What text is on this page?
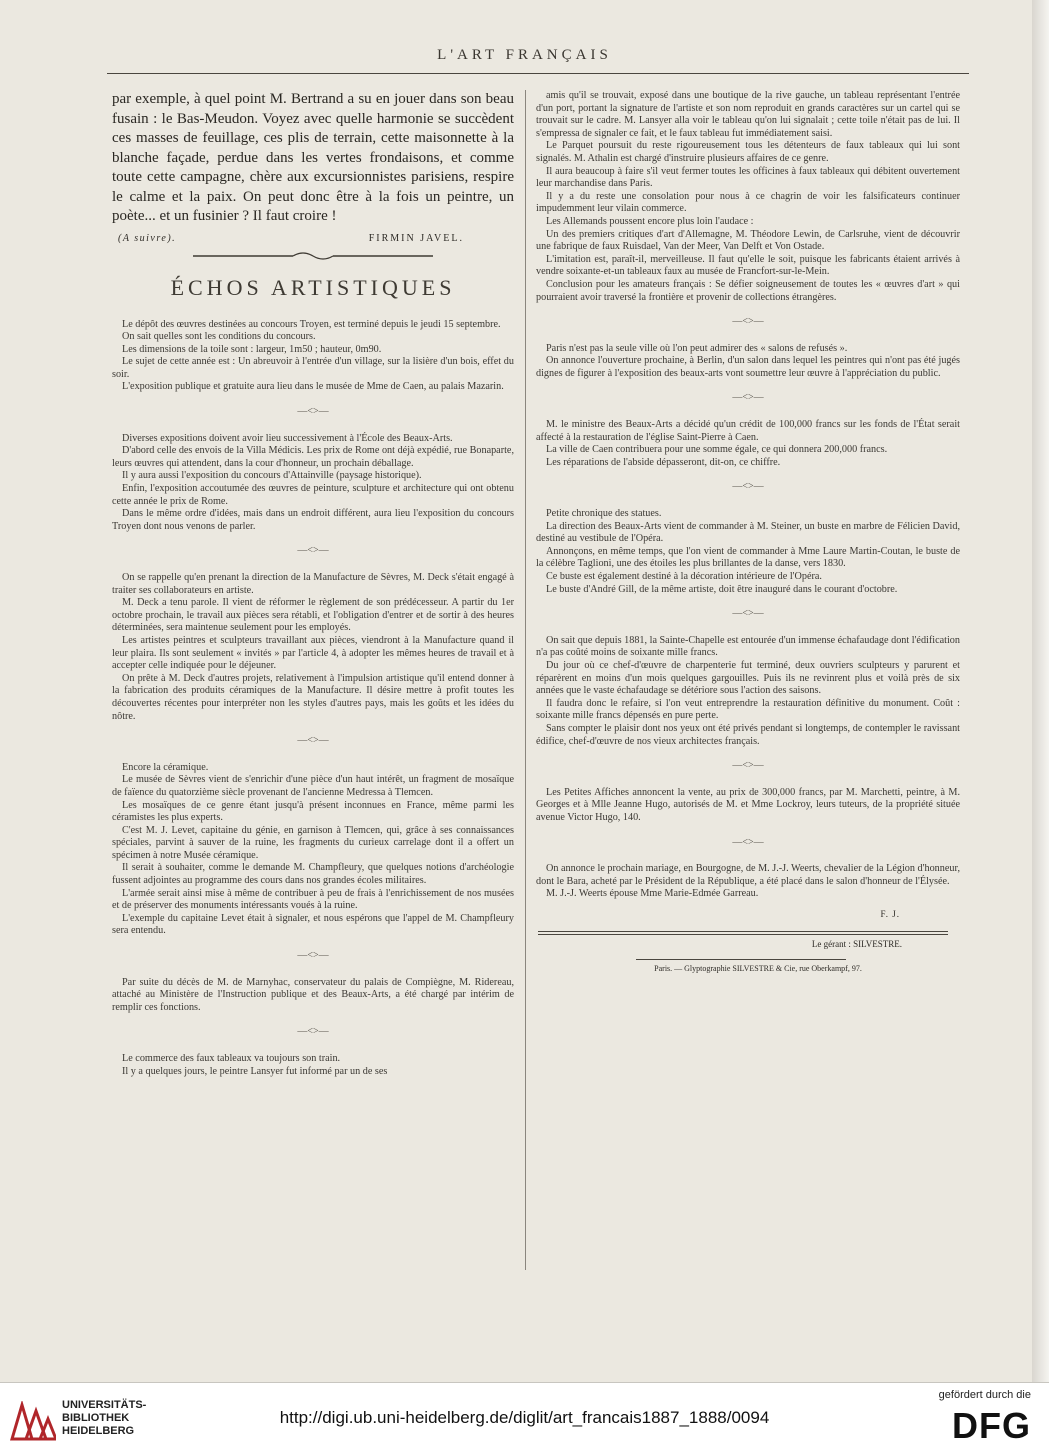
L'ART FRANÇAIS

par exemple, à quel point M. Bertrand a su en jouer dans son beau fusain : le Bas-Meudon. Voyez avec quelle harmonie se succèdent ces masses de feuillage, ces plis de terrain, cette maisonnette à la blanche façade, perdue dans les vertes frondaisons, et comme toute cette campagne, chère aux excursionnistes parisiens, respire le calme et la paix. On peut donc être à la fois un peintre, un poète... et un fusinier ? Il faut croire !

(A suivre).	FIRMIN JAVEL.
ÉCHOS ARTISTIQUES

Le dépôt des œuvres destinées au concours Troyen, est terminé depuis le jeudi 15 septembre.

On sait quelles sont les conditions du concours.

Les dimensions de la toile sont : largeur, 1m50 ; hauteur, 0m90.

Le sujet de cette année est : Un abreuvoir à l'entrée d'un village, sur la lisière d'un bois, effet du soir.

L'exposition publique et gratuite aura lieu dans le musée de Mme de Caen, au palais Mazarin.

—<>—

Diverses expositions doivent avoir lieu successivement à l'École des Beaux-Arts.

D'abord celle des envois de la Villa Médicis. Les prix de Rome ont déjà expédié, rue Bonaparte, leurs œuvres qui attendent, dans la cour d'honneur, un prochain déballage.

Il y aura aussi l'exposition du concours d'Attainville (paysage historique).

Enfin, l'exposition accoutumée des œuvres de peinture, sculpture et architecture qui ont obtenu cette année le prix de Rome.

Dans le même ordre d'idées, mais dans un endroit différent, aura lieu l'exposition du concours Troyen dont nous venons de parler.

—<>—

On se rappelle qu'en prenant la direction de la Manufacture de Sèvres, M. Deck s'était engagé à traiter ses collaborateurs en artiste.

M. Deck a tenu parole. Il vient de réformer le règlement de son prédécesseur. A partir du 1er octobre prochain, le travail aux pièces sera rétabli, et l'obligation d'entrer et de sortir à des heures déterminées, sera maintenue seulement pour les employés.

Les artistes peintres et sculpteurs travaillant aux pièces, viendront à la Manufacture quand il leur plaira. Ils sont seulement « invités » par l'article 4, à adopter les mêmes heures de travail et à accepter celle indiquée pour le déjeuner.

On prête à M. Deck d'autres projets, relativement à l'impulsion artistique qu'il entend donner à la fabrication des produits céramiques de la Manufacture. Il désire mettre à profit toutes les découvertes récentes pour interpréter non les styles d'autres pays, mais les goûts et les idées du nôtre.

—<>—

Encore la céramique.

Le musée de Sèvres vient de s'enrichir d'une pièce d'un haut intérêt, un fragment de mosaïque de faïence du quatorzième siècle provenant de l'ancienne Medressa à Tlemcen.

Les mosaïques de ce genre étant jusqu'à présent inconnues en France, même parmi les céramistes les plus experts.

C'est M. J. Levet, capitaine du génie, en garnison à Tlemcen, qui, grâce à ses connaissances spéciales, parvint à sauver de la ruine, les fragments du curieux carrelage dont il a offert un spécimen à notre Musée céramique.

Il serait à souhaiter, comme le demande M. Champfleury, que quelques notions d'archéologie fussent adjointes au programme des cours dans nos grandes écoles militaires.

L'armée serait ainsi mise à même de contribuer à peu de frais à l'enrichissement de nos musées et de préserver des monuments intéressants voués à la ruine.

L'exemple du capitaine Levet était à signaler, et nous espérons que l'appel de M. Champfleury sera entendu.

—<>—

Par suite du décès de M. de Marnyhac, conservateur du palais de Compiègne, M. Ridereau, attaché au Ministère de l'Instruction publique et des Beaux-Arts, a été chargé par intérim de remplir ces fonctions.

—<>—

Le commerce des faux tableaux va toujours son train.

Il y a quelques jours, le peintre Lansyer fut informé par un de ses

amis qu'il se trouvait, exposé dans une boutique de la rive gauche, un tableau représentant l'entrée d'un port, portant la signature de l'artiste et son nom reproduit en grands caractères sur un cartel qui se trouvait sur le cadre. M. Lansyer alla voir le tableau qu'on lui signalait ; cette toile n'était pas de lui. Il s'empressa de signaler ce fait, et le faux tableau fut immédiatement saisi.

Le Parquet poursuit du reste rigoureusement tous les détenteurs de faux tableaux qui lui sont signalés. M. Athalin est chargé d'instruire plusieurs affaires de ce genre.

Il aura beaucoup à faire s'il veut fermer toutes les officines à faux tableaux qui débitent ouvertement leur marchandise dans Paris.

Il y a du reste une consolation pour nous à ce chagrin de voir les falsificateurs continuer impudemment leur vilain commerce.

Les Allemands poussent encore plus loin l'audace :

Un des premiers critiques d'art d'Allemagne, M. Théodore Lewin, de Carlsruhe, vient de découvrir une fabrique de faux Ruisdael, Van der Meer, Van Delft et Von Ostade.

L'imitation est, paraît-il, merveilleuse. Il faut qu'elle le soit, puisque les fabricants étaient arrivés à vendre soixante-et-un tableaux faux au musée de Francfort-sur-le-Mein.

Conclusion pour les amateurs français : Se défier soigneusement de toutes les « œuvres d'art » qui pourraient avoir traversé la frontière et provenir de collections étrangères.

—<>—

Paris n'est pas la seule ville où l'on peut admirer des « salons de refusés ».

On annonce l'ouverture prochaine, à Berlin, d'un salon dans lequel les peintres qui n'ont pas été jugés dignes de figurer à l'exposition des beaux-arts vont soumettre leur œuvre à l'appréciation du public.

—<>—

M. le ministre des Beaux-Arts a décidé qu'un crédit de 100,000 francs sur les fonds de l'État serait affecté à la restauration de l'église Saint-Pierre à Caen.

La ville de Caen contribuera pour une somme égale, ce qui donnera 200,000 francs.

Les réparations de l'abside dépasseront, dit-on, ce chiffre.

—<>—

Petite chronique des statues.

La direction des Beaux-Arts vient de commander à M. Steiner, un buste en marbre de Félicien David, destiné au vestibule de l'Opéra.

Annonçons, en même temps, que l'on vient de commander à Mme Laure Martin-Coutan, le buste de la célèbre Taglioni, une des étoiles les plus brillantes de la danse, vers 1830.

Ce buste est également destiné à la décoration intérieure de l'Opéra.

Le buste d'André Gill, de la même artiste, doit être inauguré dans le courant d'octobre.

—<>—

On sait que depuis 1881, la Sainte-Chapelle est entourée d'un immense échafaudage dont l'édification n'a pas coûté moins de soixante mille francs.

Du jour où ce chef-d'œuvre de charpenterie fut terminé, deux ouvriers sculpteurs y parurent et réparèrent en moins d'un mois quelques gargouilles. Puis ils ne revinrent plus et voilà près de six années que le vaste échafaudage se détériore sous l'action des saisons.

Il faudra donc le refaire, si l'on veut entreprendre la restauration définitive du monument. Coût : soixante mille francs dépensés en pure perte.

Sans compter le plaisir dont nos yeux ont été privés pendant si longtemps, de contempler le ravissant édifice, chef-d'œuvre de nos vieux architectes français.

—<>—

Les Petites Affiches annoncent la vente, au prix de 300,000 francs, par M. Marchetti, peintre, à M. Georges et à Mlle Jeanne Hugo, autorisés de M. et Mme Lockroy, leurs tuteurs, de la propriété située avenue Victor Hugo, 140.

—<>—

On annonce le prochain mariage, en Bourgogne, de M. J.-J. Weerts, chevalier de la Légion d'honneur, dont le Bara, acheté par le Président de la République, a été placé dans le salon d'honneur de l'Élysée.

M. J.-J. Weerts épouse Mme Marie-Edmée Garreau.

F. J.
Le gérant : SILVESTRE.
Paris. — Glyptographie SILVESTRE & Cie, rue Oberkampf, 97.
UNIVERSITÄTS-
BIBLIOTHEK
HEIDELBERG
http://digi.ub.uni-heidelberg.de/diglit/art_francais1887_1888/0094
gefördert durch die
DFG
